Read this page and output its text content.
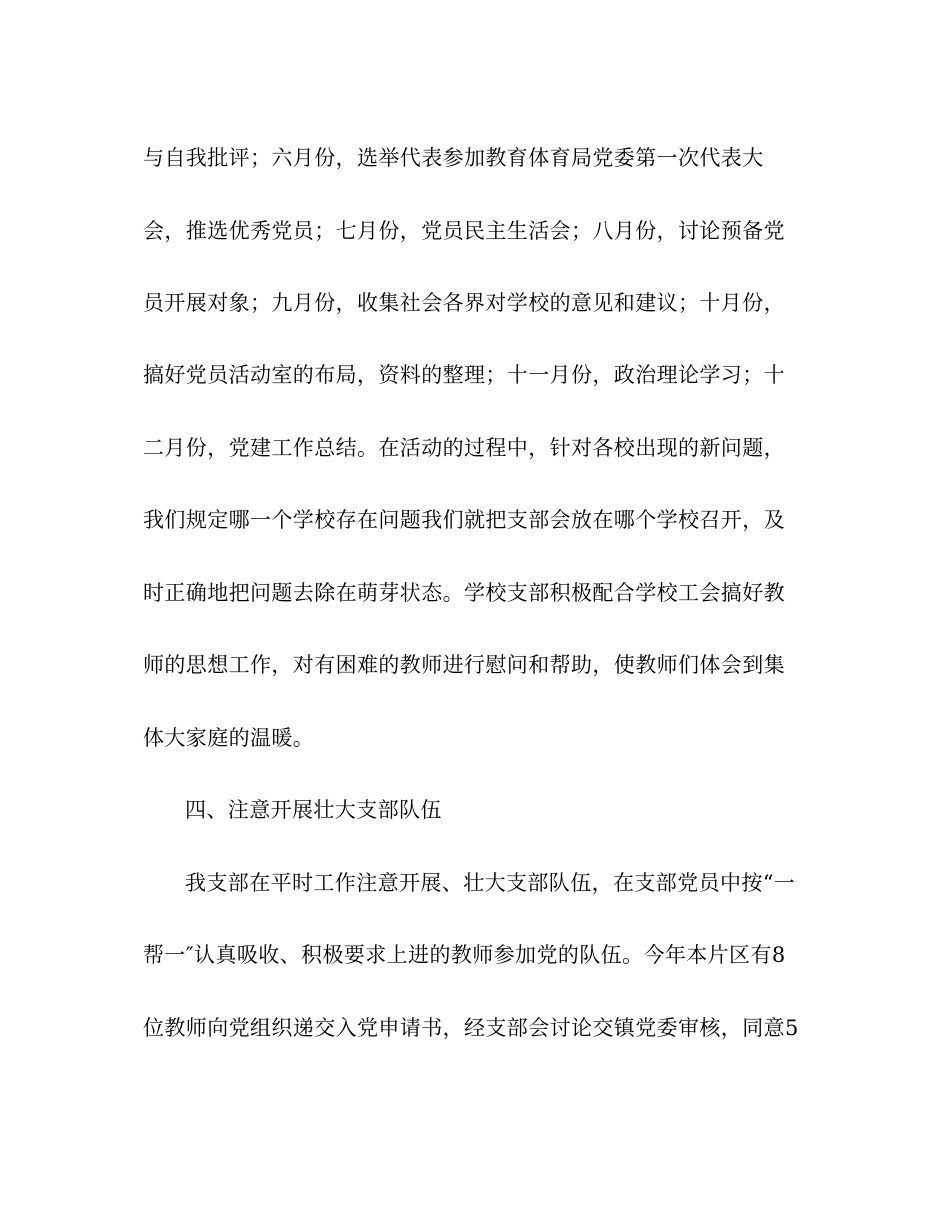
与自我批评；六月份，选举代表参加教育体育局党委第一次代表大
会，推选优秀党员；七月份，党员民主生活会；八月份，讨论预备党
员开展对象；九月份，收集社会各界对学校的意见和建议；十月份，
搞好党员活动室的布局，资料的整理；十一月份，政治理论学习；十
二月份，党建工作总结。在活动的过程中，针对各校出现的新问题，
我们规定哪一个学校存在问题我们就把支部会放在哪个学校召开，及
时正确地把问题去除在萌芽状态。学校支部积极配合学校工会搞好教
师的思想工作，对有困难的教师进行慰问和帮助，使教师们体会到集
体大家庭的温暖。
四、注意开展壮大支部队伍
我支部在平时工作注意开展、壮大支部队伍，在支部党员中按“一
帮一″认真吸收、积极要求上进的教师参加党的队伍。今年本片区有8
位教师向党组织递交入党申请书，经支部会讨论交镇党委审核，同意5
